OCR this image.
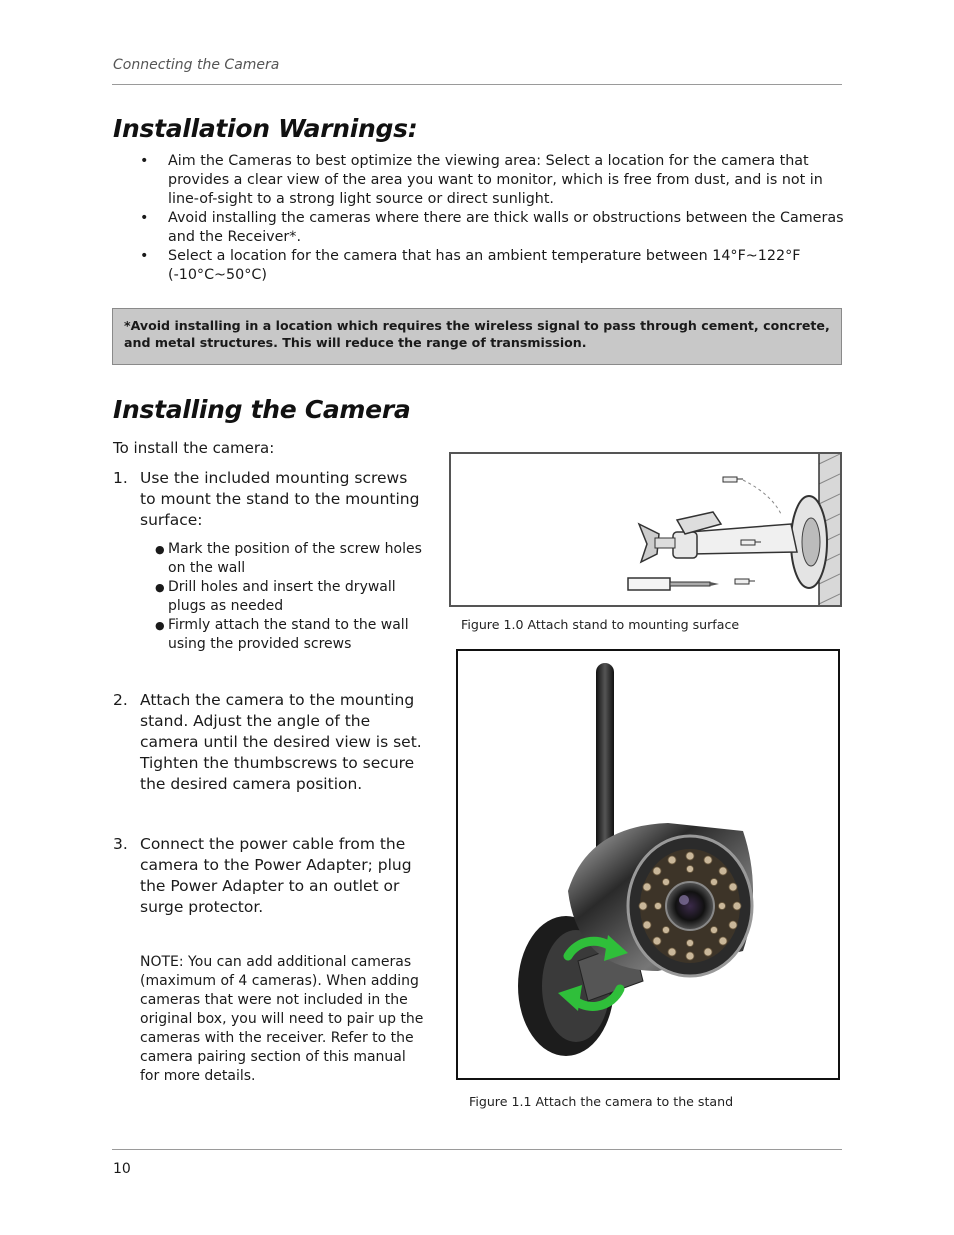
Connecting the Camera
Installation Warnings:
• Aim the Cameras to best optimize the viewing area: Select a location for the camera that provides a clear view of the area you want to monitor, which is free from dust, and is not in line-of-sight to a strong light source or direct sunlight.
• Avoid installing the cameras where there are thick walls or obstructions between the Cameras and the Receiver*.
• Select a location for the camera that has an ambient temperature between 14°F~122°F (-10°C~50°C)

*Avoid installing in a location which requires the wireless signal to pass through cement, concrete, and metal structures. This will reduce the range of transmission.

Installing the Camera
To install the camera:
1. Use the included mounting screws to mount the stand to the mounting surface:
● Mark the position of the screw holes on the wall
● Drill holes and insert the drywall plugs as needed
● Firmly attach the stand to the wall using the provided screws
2. Attach the camera to the mounting stand. Adjust the angle of the camera until the desired view is set. Tighten the thumbscrews to secure the desired camera position.
3. Connect the power cable from the camera to the Power Adapter; plug the Power Adapter to an outlet or surge protector.
NOTE: You can add additional cameras (maximum of 4 cameras). When adding cameras that were not included in the original box, you will need to pair up the cameras with the receiver. Refer to the camera pairing section of this manual for more details.
Figure 1.0 Attach stand to mounting surface
Figure 1.1 Attach the camera to the stand
10
